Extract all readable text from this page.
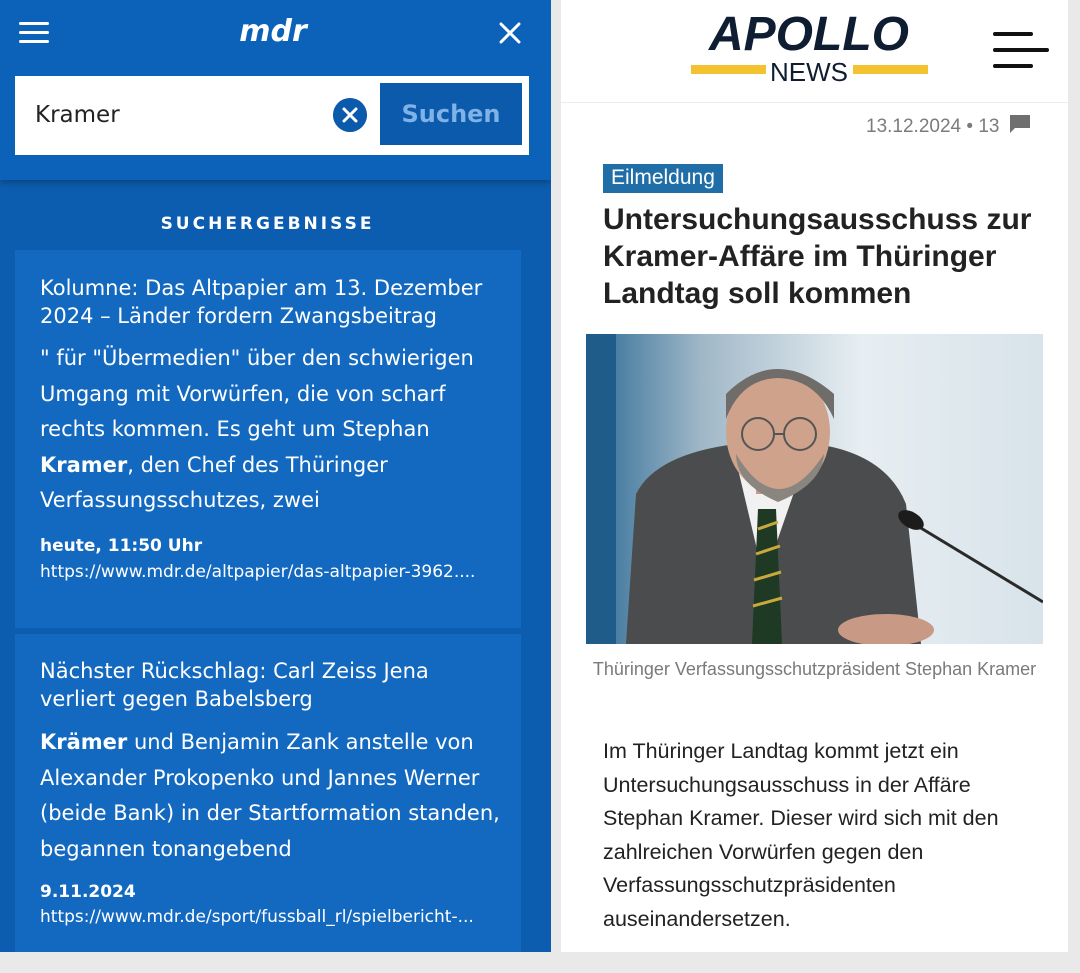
mdr
Kramer
Suchen
SUCHERGEBNISSE
Kolumne: Das Altpapier am 13. Dezember 2024 – Länder fordern Zwangsbeitrag
" für "Übermedien" über den schwierigen Umgang mit Vorwürfen, die von scharf rechts kommen. Es geht um Stephan Kramer, den Chef des Thüringer Verfassungsschutzes, zwei
heute, 11:50 Uhr
https://www.mdr.de/altpapier/das-altpapier-3962....
Nächster Rückschlag: Carl Zeiss Jena verliert gegen Babelsberg
Krämer und Benjamin Zank anstelle von Alexander Prokopenko und Jannes Werner (beide Bank) in der Startformation standen, begannen tonangebend
9.11.2024
https://www.mdr.de/sport/fussball_rl/spielbericht-...
APOLLO
NEWS
13.12.2024 • 13
Eilmeldung
Untersuchungsausschuss zur Kramer-Affäre im Thüringer Landtag soll kommen
Thüringer Verfassungsschutzpräsident Stephan Kramer
Im Thüringer Landtag kommt jetzt ein Untersuchungsausschuss in der Affäre Stephan Kramer. Dieser wird sich mit den zahlreichen Vorwürfen gegen den Verfassungsschutzpräsidenten auseinandersetzen.
